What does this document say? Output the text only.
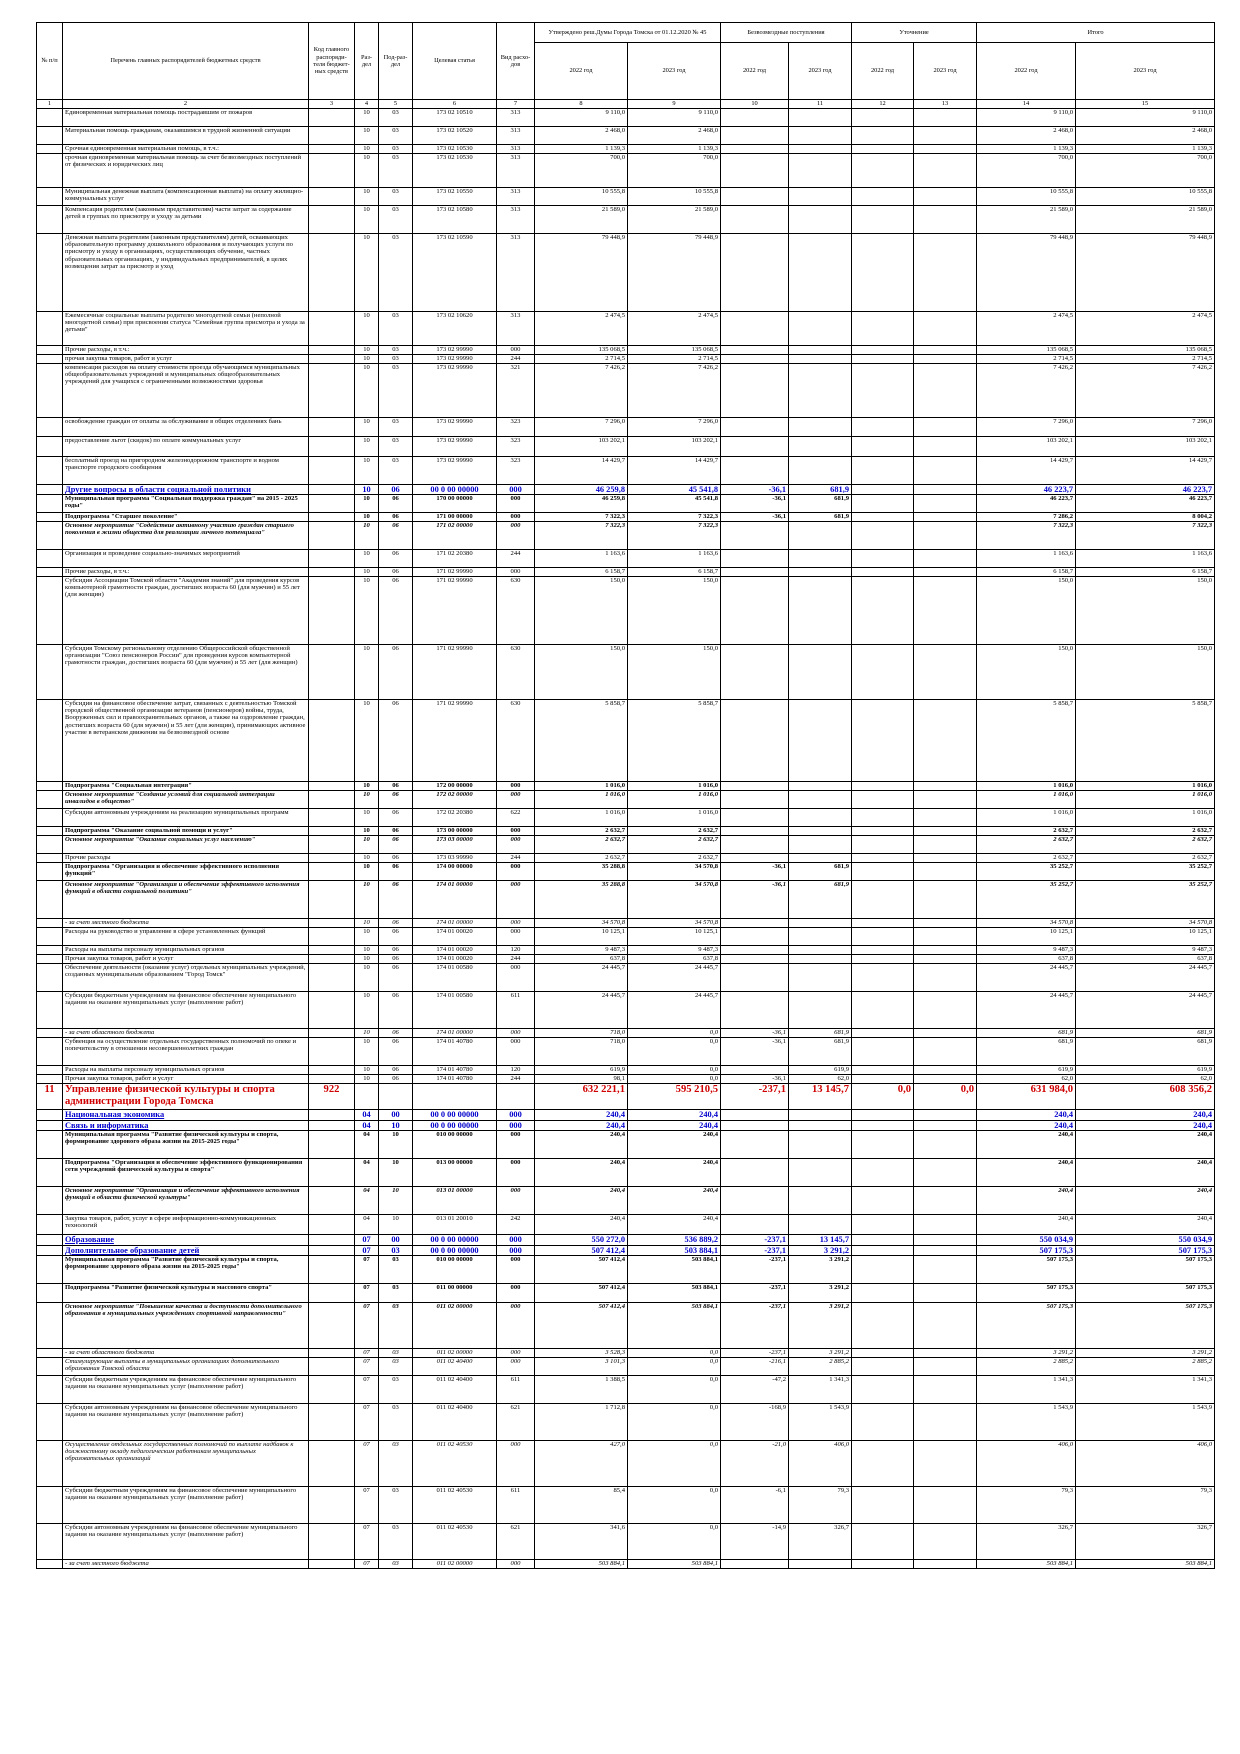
№ п/п	Перечень главных распорядителей бюджетных средств	Код главного распоряди-теля бюджет-ных средств	Раз-дел	Под-раз-дел	Целевая статья	Вид расхо-дов	Утверждено реш.Думы Города Томска от 01.12.2020 № 45		Безвозмездные поступления		Уточнение		Итого	
							2022 год	2023 год	2022 год	2023 год	2022 год	2023 год	2022 год	2023 год
1	2	3	4	5	6	7	8	9	10	11	12	13	14	15
	Единовременная материальная помощь пострадавшим от пожаров		10	03	173 02 10510	313	9 110,0	9 110,0					9 110,0	9 110,0
	Материальная помощь гражданам, оказавшимся в трудной жизненной ситуации		10	03	173 02 10520	313	2 468,0	2 468,0					2 468,0	2 468,0
	Срочная единовременная материальная помощь, в т.ч.:		10	03	173 02 10530	313	1 139,3	1 139,3					1 139,3	1 139,3
	срочная единовременная материальная помощь за счет безвозмездных поступлений от физических и юридических лиц		10	03	173 02 10530	313	700,0	700,0					700,0	700,0
	Муниципальная денежная выплата (компенсационная выплата) на оплату жилищно-коммунальных услуг		10	03	173 02 10550	313	10 555,8	10 555,8					10 555,8	10 555,8
	Компенсация родителям (законным представителям) части затрат за содержание детей в группах по присмотру и уходу за детьми		10	03	173 02 10580	313	21 589,0	21 589,0					21 589,0	21 589,0
	Денежная выплата родителям (законным представителям) детей, осваивающих образовательную программу дошкольного образования и получающих услуги по присмотру и уходу в организациях, осуществляющих обучение, частных образовательных организациях, у индивидуальных предпринимателей, в целях возмещения затрат за присмотр и уход		10	03	173 02 10590	313	79 448,9	79 448,9					79 448,9	79 448,9
	Ежемесячные социальные выплаты родителю многодетной семьи (неполной многодетной семьи) при присвоении статуса "Семейная группа присмотра и ухода за детьми"		10	03	173 02 10620	313	2 474,5	2 474,5					2 474,5	2 474,5
	Прочие расходы, в т.ч.:		10	03	173 02 99990	000	135 068,5	135 068,5					135 068,5	135 068,5
	прочая закупка товаров, работ и услуг		10	03	173 02 99990	244	2 714,5	2 714,5					2 714,5	2 714,5
	компенсация расходов на оплату стоимости проезда обучающимся муниципальных общеобразовательных учреждений и муниципальных общеобразовательных учреждений для учащихся с ограниченными возможностями здоровья		10	03	173 02 99990	321	7 426,2	7 426,2					7 426,2	7 426,2
	освобождение граждан от оплаты за обслуживание в общих отделениях бань		10	03	173 02 99990	323	7 296,0	7 296,0					7 296,0	7 296,0
	предоставление льгот (скидок) по оплате коммунальных услуг		10	03	173 02 99990	323	103 202,1	103 202,1					103 202,1	103 202,1
	бесплатный проезд на пригородном железнодорожном транспорте и водном транспорте городского сообщения		10	03	173 02 99990	323	14 429,7	14 429,7					14 429,7	14 429,7
	Другие вопросы в области социальной политики		10	06	00 0 00 00000	000	46 259,8	45 541,8	-36,1	681,9			46 223,7	46 223,7
	Муниципальная программа "Социальная поддержка граждан" на 2015 - 2025 годы"		10	06	170 00 00000	000	46 259,8	45 541,8	-36,1	681,9			46 223,7	46 223,7
	Подпрограмма "Старшее поколение"		10	06	171 00 00000	000	7 322,3	7 322,3	-36,1	681,9			7 286,2	8 004,2
	Основное мероприятие "Содействие активному участию граждан старшего поколения в жизни общества для реализации личного потенциала"		10	06	171 02 00000	000	7 322,3	7 322,3					7 322,3	7 322,3
	Организация и проведение социально-значимых мероприятий		10	06	171 02 20380	244	1 163,6	1 163,6					1 163,6	1 163,6
	Прочие расходы, в т.ч.:		10	06	171 02 99990	000	6 158,7	6 158,7					6 158,7	6 158,7
	Субсидия Ассоциации Томской области "Академия знаний" для проведения курсов компьютерной грамотности граждан, достигших возраста 60 (для мужчин) и 55 лет (для женщин)		10	06	171 02 99990	630	150,0	150,0					150,0	150,0
	Субсидия Томскому региональному отделению Общероссийской общественной организации "Союз пенсионеров России" для проведения курсов компьютерной грамотности граждан, достигших возраста 60 (для мужчин) и 55 лет (для женщин)		10	06	171 02 99990	630	150,0	150,0					150,0	150,0
	Субсидия на финансовое обеспечение затрат, связанных с деятельностью Томской городской общественной организации ветеранов (пенсионеров) войны, труда, Вооруженных сил и правоохранительных органов, а также на оздоровление граждан, достигших возраста 60 (для мужчин) и 55 лет (для женщин), принимающих активное участие в ветеранском движении на безвозмездной основе		10	06	171 02 99990	630	5 858,7	5 858,7					5 858,7	5 858,7
	Подпрограмма "Социальная интеграция"		10	06	172 00 00000	000	1 016,0	1 016,0					1 016,0	1 016,0
	Основное мероприятие "Создание условий для социальной интеграции инвалидов в общество"		10	06	172 02 00000	000	1 016,0	1 016,0					1 016,0	1 016,0
	Субсидии автономным учреждениям на реализацию муниципальных программ		10	06	172 02 20380	622	1 016,0	1 016,0					1 016,0	1 016,0
	Подпрограмма "Оказание социальной помощи и услуг"		10	06	173 00 00000	000	2 632,7	2 632,7					2 632,7	2 632,7
	Основное мероприятие "Оказание социальных услуг населению"		10	06	173 03 00000	000	2 632,7	2 632,7					2 632,7	2 632,7
	Прочие расходы		10	06	173 03 99990	244	2 632,7	2 632,7					2 632,7	2 632,7
	Подпрограмма "Организация и обеспечение эффективного исполнения функций"		10	06	174 00 00000	000	35 288,8	34 570,8	-36,1	681,9			35 252,7	35 252,7
	Основное мероприятие "Организация и обеспечение эффективного исполнения функций в области социальной политики"		10	06	174 01 00000	000	35 288,8	34 570,8	-36,1	681,9			35 252,7	35 252,7
	- за счет местного бюджета		10	06	174 01 00000	000	34 570,8	34 570,8					34 570,8	34 570,8
	Расходы на руководство и управление в сфере установленных функций		10	06	174 01 00020	000	10 125,1	10 125,1					10 125,1	10 125,1
	Расходы на выплаты персоналу муниципальных органов		10	06	174 01 00020	120	9 487,3	9 487,3					9 487,3	9 487,3
	Прочая закупка товаров, работ и услуг		10	06	174 01 00020	244	637,8	637,8					637,8	637,8
	Обеспечение деятельности (оказание услуг) отдельных муниципальных учреждений, созданных муниципальным образованием "Город Томск"		10	06	174 01 00580	000	24 445,7	24 445,7					24 445,7	24 445,7
	Субсидии бюджетным учреждениям на финансовое обеспечение муниципального задания на оказание муниципальных услуг (выполнение работ)		10	06	174 01 00580	611	24 445,7	24 445,7					24 445,7	24 445,7
	- за счет областного бюджета		10	06	174 01 00000	000	718,0	0,0	-36,1	681,9			681,9	681,9
	Субвенция на осуществление отдельных государственных полномочий по опеке и попечительству в отношении несовершеннолетних граждан		10	06	174 01 40780	000	718,0	0,0	-36,1	681,9			681,9	681,9
	Расходы на выплаты персоналу муниципальных органов		10	06	174 01 40780	120	619,9	0,0		619,9			619,9	619,9
	Прочая закупка товаров, работ и услуг		10	06	174 01 40780	244	98,1	0,0	-36,1	62,0			62,0	62,0
11	Управление физической культуры и спорта администрации Города Томска	922					632 221,1	595 210,5	-237,1	13 145,7	0,0	0,0	631 984,0	608 356,2
	Национальная экономика		04	00	00 0 00 00000	000	240,4	240,4					240,4	240,4
	Связь и информатика		04	10	00 0 00 00000	000	240,4	240,4					240,4	240,4
	Муниципальная программа "Развитие физической культуры и спорта, формирование здорового образа жизни на 2015-2025 годы"		04	10	010 00 00000	000	240,4	240,4					240,4	240,4
	Подпрограмма "Организация и обеспечение эффективного функционирования сети учреждений физической культуры и спорта"		04	10	013 00 00000	000	240,4	240,4					240,4	240,4
	Основное мероприятие "Организация и обеспечение эффективного исполнения функций в области физической культуры"		04	10	013 01 00000	000	240,4	240,4					240,4	240,4
	Закупка товаров, работ, услуг в сфере информационно-коммуникационных технологий		04	10	013 01 20010	242	240,4	240,4					240,4	240,4
	Образование		07	00	00 0 00 00000	000	550 272,0	536 889,2	-237,1	13 145,7			550 034,9	550 034,9
	Дополнительное образование детей		07	03	00 0 00 00000	000	507 412,4	503 884,1	-237,1	3 291,2			507 175,3	507 175,3
	Муниципальная программа "Развитие физической культуры и спорта, формирование здорового образа жизни на 2015-2025 годы"		07	03	010 00 00000	000	507 412,4	503 884,1	-237,1	3 291,2			507 175,3	507 175,3
	Подпрограмма "Развитие физической культуры и массового спорта"		07	03	011 00 00000	000	507 412,4	503 884,1	-237,1	3 291,2			507 175,3	507 175,3
	Основное мероприятие "Повышение качества и доступности дополнительного образования в муниципальных учреждениях спортивной направленности"		07	03	011 02 00000	000	507 412,4	503 884,1	-237,1	3 291,2			507 175,3	507 175,3
	- за счет областного бюджета		07	03	011 02 00000	000	3 528,3	0,0	-237,1	3 291,2			3 291,2	3 291,2
	Стимулирующие выплаты в муниципальных организациях дополнительного образования Томской области		07	03	011 02 40400	000	3 101,3	0,0	-216,1	2 885,2			2 885,2	2 885,2
	Субсидии бюджетным учреждениям на финансовое обеспечение муниципального задания на оказание муниципальных услуг (выполнение работ)		07	03	011 02 40400	611	1 388,5	0,0	-47,2	1 341,3			1 341,3	1 341,3
	Субсидии автономным учреждениям на финансовое обеспечение муниципального задания на оказание муниципальных услуг (выполнение работ)		07	03	011 02 40400	621	1 712,8	0,0	-168,9	1 543,9			1 543,9	1 543,9
	Осуществление отдельных государственных полномочий по выплате надбавок к должностному окладу педагогическим работникам муниципальных образовательных организаций		07	03	011 02 40530	000	427,0	0,0	-21,0	406,0			406,0	406,0
	Субсидии бюджетным учреждениям на финансовое обеспечение муниципального задания на оказание муниципальных услуг (выполнение работ)		07	03	011 02 40530	611	85,4	0,0	-6,1	79,3			79,3	79,3
	Субсидии автономным учреждениям на финансовое обеспечение муниципального задания на оказание муниципальных услуг (выполнение работ)		07	03	011 02 40530	621	341,6	0,0	-14,9	326,7			326,7	326,7
	- за счет местного бюджета		07	03	011 02 00000	000	503 884,1	503 884,1					503 884,1	503 884,1
